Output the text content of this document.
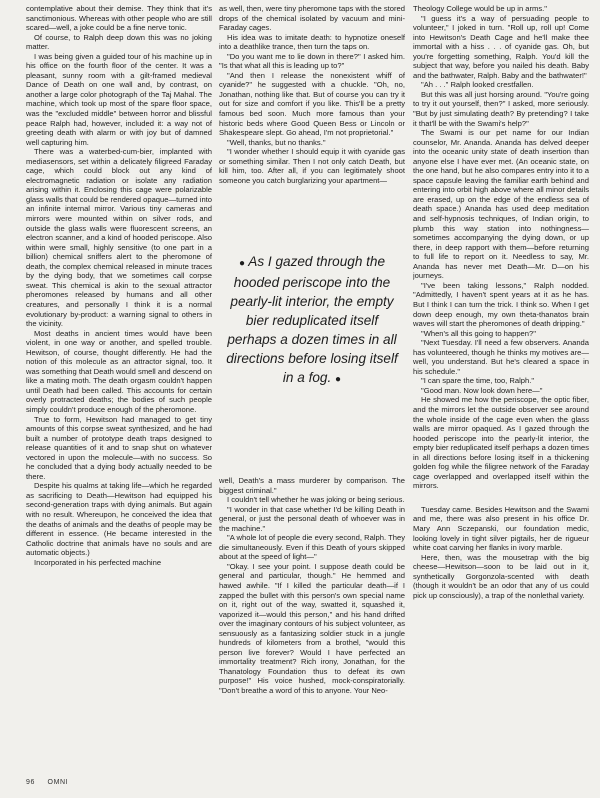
contemplative about their demise. They think that it's sanctimonious. Whereas with other people who are still scared—well, a joke could be a fine nerve tonic.

Of course, to Ralph deep down this was no joking matter.

I was being given a guided tour of his machine up in his office on the fourth floor of the center. It was a pleasant, sunny room with a gilt-framed medieval Dance of Death on one wall and, by contrast, on another a large color photograph of the Taj Mahal. The machine, which took up most of the spare floor space, was the "excluded middle" between horror and blissful peace Ralph had, however, included it: a way not of greeting death with alarm or with joy but of damned well capturing him.

There was a waterbed-cum-bier, implanted with mediasensors, set within a delicately filigreed Faraday cage, which could block out any kind of electromagnetic radiation or isolate any radiation arising within it. Enclosing this cage were polarizable glass walls that could be rendered opaque—turned into an infinite internal mirror. Various tiny cameras and mirrors were mounted within on silver rods, and outside the glass walls were fluorescent screens, an electron scanner, and a kind of hooded periscope. Also within were small, highly sensitive (to one part in a billion) chemical sniffers alert to the pheromone of death, the complex chemical released in minute traces by the dying body, that we sometimes call corpse sweat. This chemical is akin to the sexual attractor pheromones released by humans and all other creatures, and personally I think it is a normal evolutionary by-product: a warning signal to others in the vicinity.

Most deaths in ancient times would have been violent, in one way or another, and spelled trouble. Hewitson, of course, thought differently. He had the notion of this molecule as an attractor signal, too. It was something that Death would smell and descend on like a mating moth. The death orgasm couldn't happen until Death had been called. This accounts for certain overly protracted deaths; the bodies of such people simply couldn't produce enough of the pheromone.

True to form, Hewitson had managed to get tiny amounts of this corpse sweat synthesized, and he had built a number of prototype death traps designed to release quantities of it and to snap shut on whatever vectored in upon the molecule—with no success. So he concluded that a dying body actually needed to be there.

Despite his qualms at taking life—which he regarded as sacrificing to Death—Hewitson had equipped his second-generation traps with dying animals. But again with no result. Whereupon, he conceived the idea that the deaths of animals and the deaths of people may be different in essence. (He became interested in the Catholic doctrine that animals have no souls and are automatic objects.)

Incorporated in his perfected machine

as well, then, were tiny pheromone taps with the stored drops of the chemical isolated by vacuum and mini-Faraday cages.

His idea was to imitate death: to hypnotize oneself into a deathlike trance, then turn the taps on.

"Do you want me to lie down in there?" I asked him. "Is that what all this is leading up to?"

"And then I release the nonexistent whiff of cyanide?" he suggested with a chuckle. "Oh, no, Jonathan, nothing like that. But of course you can try it out for size and comfort if you like. This'll be a pretty famous bed soon. Much more famous than your historic beds where Good Queen Bess or Lincoln or Shakespeare slept. Go ahead, I'm not proprietorial."

"Well, thanks, but no thanks."

"I wonder whether I should equip it with cyanide gas or something similar. Then I not only catch Death, but kill him, too. After all, if you can legitimately shoot someone you catch burglarizing your apartment—

● As I gazed through the hooded periscope into the pearly-lit interior, the empty bier reduplicated itself perhaps a dozen times in all directions before losing itself in a fog. ●

well, Death's a mass murderer by comparison. The biggest criminal."

I couldn't tell whether he was joking or being serious.

"I wonder in that case whether I'd be killing Death in general, or just the personal death of whoever was in the machine."

"A whole lot of people die every second, Ralph. They die simultaneously. Even if this Death of yours skipped about at the speed of light—"

"Okay. I see your point. I suppose death could be general and particular, though." He hemmed and hawed awhile. "If I killed the particular death—if I zapped the bullet with this person's own special name on it, right out of the way, swatted it, squashed it, vaporized it—would this person," and his hand drifted over the imaginary contours of his subject volunteer, as sensuously as a fantasizing soldier stuck in a jungle hundreds of kilometers from a brothel, "would this person live forever? Would I have perfected an immortality treatment? Rich irony, Jonathan, for the Thanatology Foundation thus to defeat its own purpose!" His voice hushed, mock-conspiratorially. "Don't breathe a word of this to anyone. Your Neo-

Theology College would be up in arms."

"I guess it's a way of persuading people to volunteer," I joked in turn. "Roll up, roll up! Come into Hewitson's Death Cage and he'll make thee immortal with a hiss . . . of cyanide gas. Oh, but you're forgetting something, Ralph. You'd kill the subject that way, before you nailed his death. Baby and the bathwater, Ralph. Baby and the bathwater!"

"Ah . . ." Ralph looked crestfallen.

But this was all just horsing around. "You're going to try it out yourself, then?" I asked, more seriously. "But by just simulating death? By pretending? I take it that'll be with the Swami's help?"

The Swami is our pet name for our Indian counselor, Mr. Ananda. Ananda has delved deeper into the oceanic unity state of death insertion than anyone else I have ever met. (An oceanic state, on the one hand, but he also compares entry into it to a space capsule leaving the familiar earth behind and entering into orbit high above where all minor details are erased, up on the edge of the endless sea of death space.) Ananda has used deep meditation and self-hypnosis techniques, of Indian origin, to plumb this way station into nothingness—sometimes accompanying the dying down, or up there, in deep rapport with them—before returning to full life to report on it. Needless to say, Mr. Ananda has never met Death—Mr. D—on his journeys.

"I've been taking lessons," Ralph nodded. "Admittedly, I haven't spent years at it as he has. But I think I can turn the trick. I think so. When I get down deep enough, my own theta-thanatos brain waves will start the pheromones of death dripping."

"When's all this going to happen?"

"Next Tuesday. I'll need a few observers. Ananda has volunteered, though he thinks my motives are—well, you understand. But he's cleared a space in his schedule."

"I can spare the time, too, Ralph."

"Good man. Now look down here—"

He showed me how the periscope, the optic fiber, and the mirrors let the outside observer see around the whole inside of the cage even when the glass walls are mirror opaqued. As I gazed through the hooded periscope into the pearly-lit interior, the empty bier reduplicated itself perhaps a dozen times in all directions before losing itself in a thickening golden fog while the filigree network of the Faraday cage overlapped and overlapped itself within the mirrors.

Tuesday came. Besides Hewitson and the Swami and me, there was also present in his office Dr. Mary Ann Sczepanski, our foundation medic, looking lovely in tight silver pigtails, her de rigueur white coat carving her flanks in ivory marble.

Here, then, was the mousetrap with the big cheese—Hewitson—soon to be laid out in it, synthetically Gorgonzola-scented with death (though it wouldn't be an odor that any of us could pick up consciously), a trap of the nonlethal variety.

96 OMNI
